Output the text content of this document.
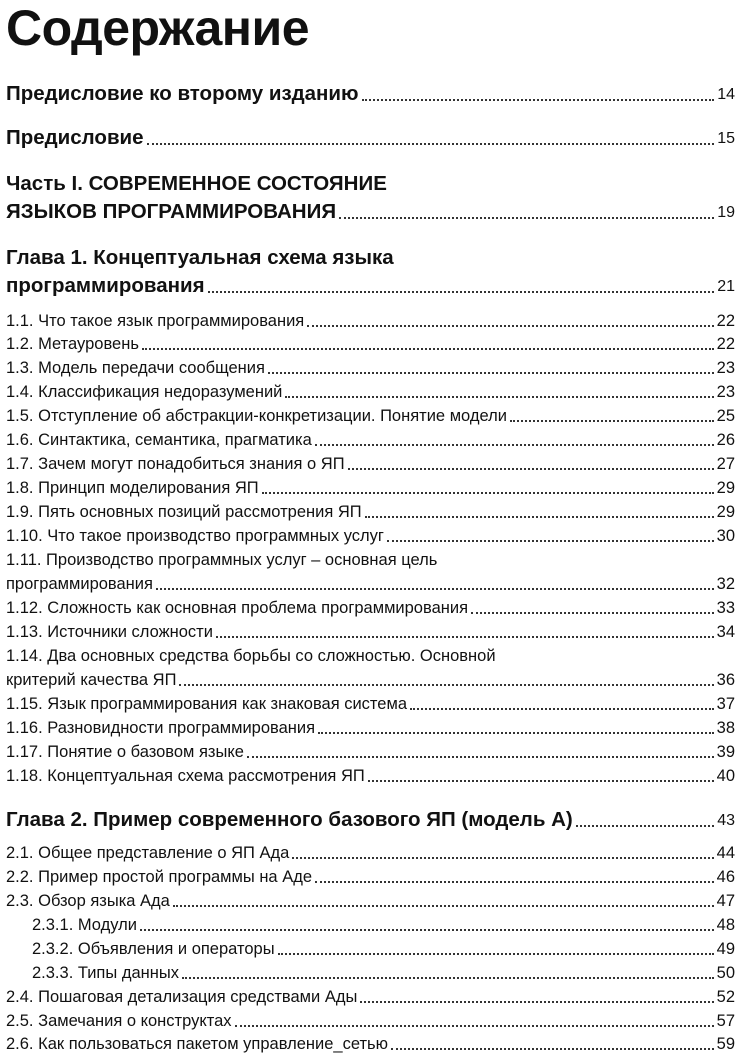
Содержание
Предисловие ко второму изданию	14
Предисловие	15
Часть I. СОВРЕМЕННОЕ СОСТОЯНИЕ
ЯЗЫКОВ ПРОГРАММИРОВАНИЯ	19
Глава 1. Концептуальная схема языка
программирования	21
1.1. Что такое язык программирования	22
1.2. Метауровень	22
1.3. Модель передачи сообщения	23
1.4. Классификация недоразумений	23
1.5. Отступление об абстракции-конкретизации. Понятие модели	25
1.6. Синтактика, семантика, прагматика	26
1.7. Зачем могут понадобиться знания о ЯП	27
1.8. Принцип моделирования ЯП	29
1.9. Пять основных позиций рассмотрения ЯП	29
1.10. Что такое производство программных услуг	30
1.11. Производство программных услуг – основная цель
программирования	32
1.12. Сложность как основная проблема программирования	33
1.13. Источники сложности	34
1.14. Два основных средства борьбы со сложностью. Основной
критерий качества ЯП	36
1.15. Язык программирования как знаковая система	37
1.16. Разновидности программирования	38
1.17. Понятие о базовом языке	39
1.18. Концептуальная схема рассмотрения ЯП	40
Глава 2. Пример современного базового ЯП (модель А)	43
2.1. Общее представление о ЯП Ада	44
2.2. Пример простой программы на Аде	46
2.3. Обзор языка Ада	47
2.3.1. Модули	48
2.3.2. Объявления и операторы	49
2.3.3. Типы данных	50
2.4. Пошаговая детализация средствами Ады	52
2.5. Замечания о конструктах	57
2.6. Как пользоваться пакетом управление_сетью	59
